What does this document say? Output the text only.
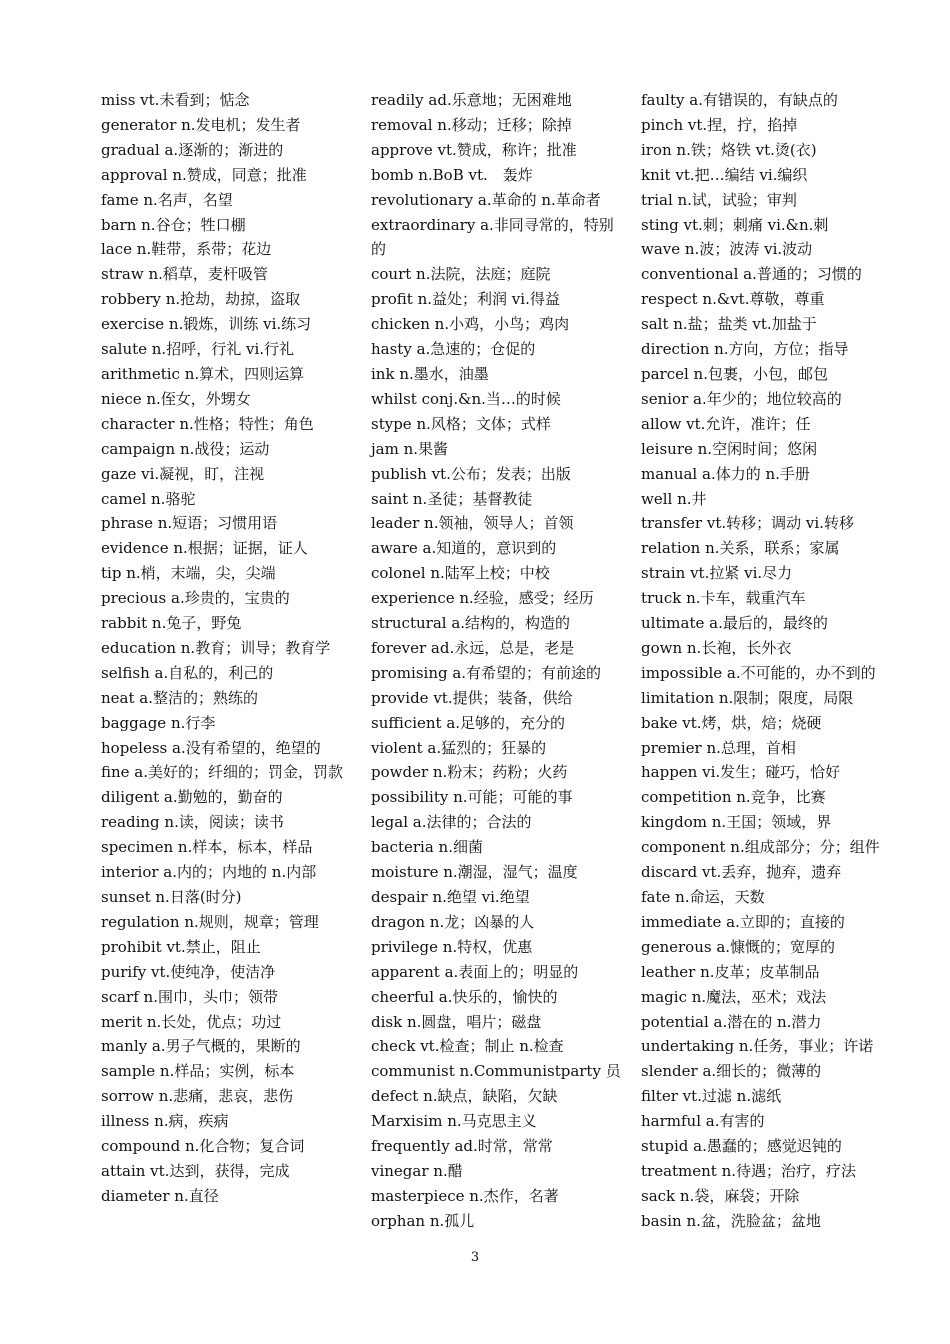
miss vt.未看到；惦念
generator n.发电机；发生者
gradual a.逐渐的；渐进的
approval n.赞成，同意；批准
fame n.名声，名望
barn n.谷仓；牲口棚
lace n.鞋带，系带；花边
straw n.稻草，麦杆吸管
robbery n.抢劫，劫掠，盗取
exercise n.锻炼，训练 vi.练习
salute n.招呼，行礼 vi.行礼
arithmetic n.算术，四则运算
niece n.侄女，外甥女
character n.性格；特性；角色
campaign n.战役；运动
gaze vi.凝视，盯，注视
camel n.骆驼
phrase n.短语；习惯用语
evidence n.根据；证据，证人
tip n.梢，末端，尖，尖端
precious a.珍贵的，宝贵的
rabbit n.兔子，野兔
education n.教育；训导；教育学
selfish a.自私的，利己的
neat a.整洁的；熟练的
baggage n.行李
hopeless a.没有希望的，绝望的
fine a.美好的；纤细的；罚金，罚款
diligent a.勤勉的，勤奋的
reading n.读，阅读；读书
specimen n.样本，标本，样品
interior a.内的；内地的 n.内部
sunset n.日落(时分)
regulation n.规则，规章；管理
prohibit vt.禁止，阻止
purify vt.使纯净，使洁净
scarf n.围巾，头巾；领带
merit n.长处，优点；功过
manly a.男子气概的，果断的
sample n.样品；实例，标本
sorrow n.悲痛，悲哀，悲伤
illness n.病，疾病
compound n.化合物；复合词
attain vt.达到，获得，完成
diameter n.直径
readily ad.乐意地；无困难地
removal n.移动；迁移；除掉
approve vt.赞成，称许；批准
bomb n.BoB vt.　轰炸
revolutionary a.革命的 n.革命者
extraordinary a.非同寻常的，特别的
court n.法院，法庭；庭院
profit n.益处；利润 vi.得益
chicken n.小鸡，小鸟；鸡肉
hasty a.急速的；仓促的
ink n.墨水，油墨
whilst conj.&n.当…的时候
stype n.风格；文体；式样
jam n.果酱
publish vt.公布；发表；出版
saint n.圣徒；基督教徒
leader n.领袖，领导人；首领
aware a.知道的，意识到的
colonel n.陆军上校；中校
experience n.经验，感受；经历
structural a.结构的，构造的
forever ad.永远，总是，老是
promising a.有希望的；有前途的
provide vt.提供；装备，供给
sufficient a.足够的，充分的
violent a.猛烈的；狂暴的
powder n.粉末；药粉；火药
possibility n.可能；可能的事
legal a.法律的；合法的
bacteria n.细菌
moisture n.潮湿，湿气；温度
despair n.绝望 vi.绝望
dragon n.龙；凶暴的人
privilege n.特权，优惠
apparent a.表面上的；明显的
cheerful a.快乐的，愉快的
disk n.圆盘，唱片；磁盘
check vt.检查；制止 n.检查
communist n.Communistparty 员
defect n.缺点，缺陷，欠缺
Marxisim n.马克思主义
frequently ad.时常，常常
vinegar n.醋
masterpiece n.杰作，名著
orphan n.孤儿
faulty a.有错误的，有缺点的
pinch vt.捏，拧，掐掉
iron n.铁；烙铁 vt.烫(衣)
knit vt.把…编结 vi.编织
trial n.试，试验；审判
sting vt.刺；刺痛 vi.&n.刺
wave n.波；波涛 vi.波动
conventional a.普通的；习惯的
respect n.&vt.尊敬，尊重
salt n.盐；盐类 vt.加盐于
direction n.方向，方位；指导
parcel n.包裹，小包，邮包
senior a.年少的；地位较高的
allow vt.允许，准许；任
leisure n.空闲时间；悠闲
manual a.体力的 n.手册
well n.井
transfer vt.转移；调动 vi.转移
relation n.关系，联系；家属
strain vt.拉紧 vi.尽力
truck n.卡车，载重汽车
ultimate a.最后的，最终的
gown n.长袍，长外衣
impossible a.不可能的，办不到的
limitation n.限制；限度，局限
bake vt.烤，烘，焙；烧硬
premier n.总理，首相
happen vi.发生；碰巧，恰好
competition n.竞争，比赛
kingdom n.王国；领域，界
component n.组成部分；分；组件
discard vt.丢弃，抛弃，遗弃
fate n.命运，天数
immediate a.立即的；直接的
generous a.慷慨的；宽厚的
leather n.皮革；皮革制品
magic n.魔法，巫术；戏法
potential a.潜在的 n.潜力
undertaking n.任务，事业；许诺
slender a.细长的；微薄的
filter vt.过滤 n.滤纸
harmful a.有害的
stupid a.愚蠢的；感觉迟钝的
treatment n.待遇；治疗，疗法
sack n.袋，麻袋；开除
basin n.盆，洗脸盆；盆地
3
